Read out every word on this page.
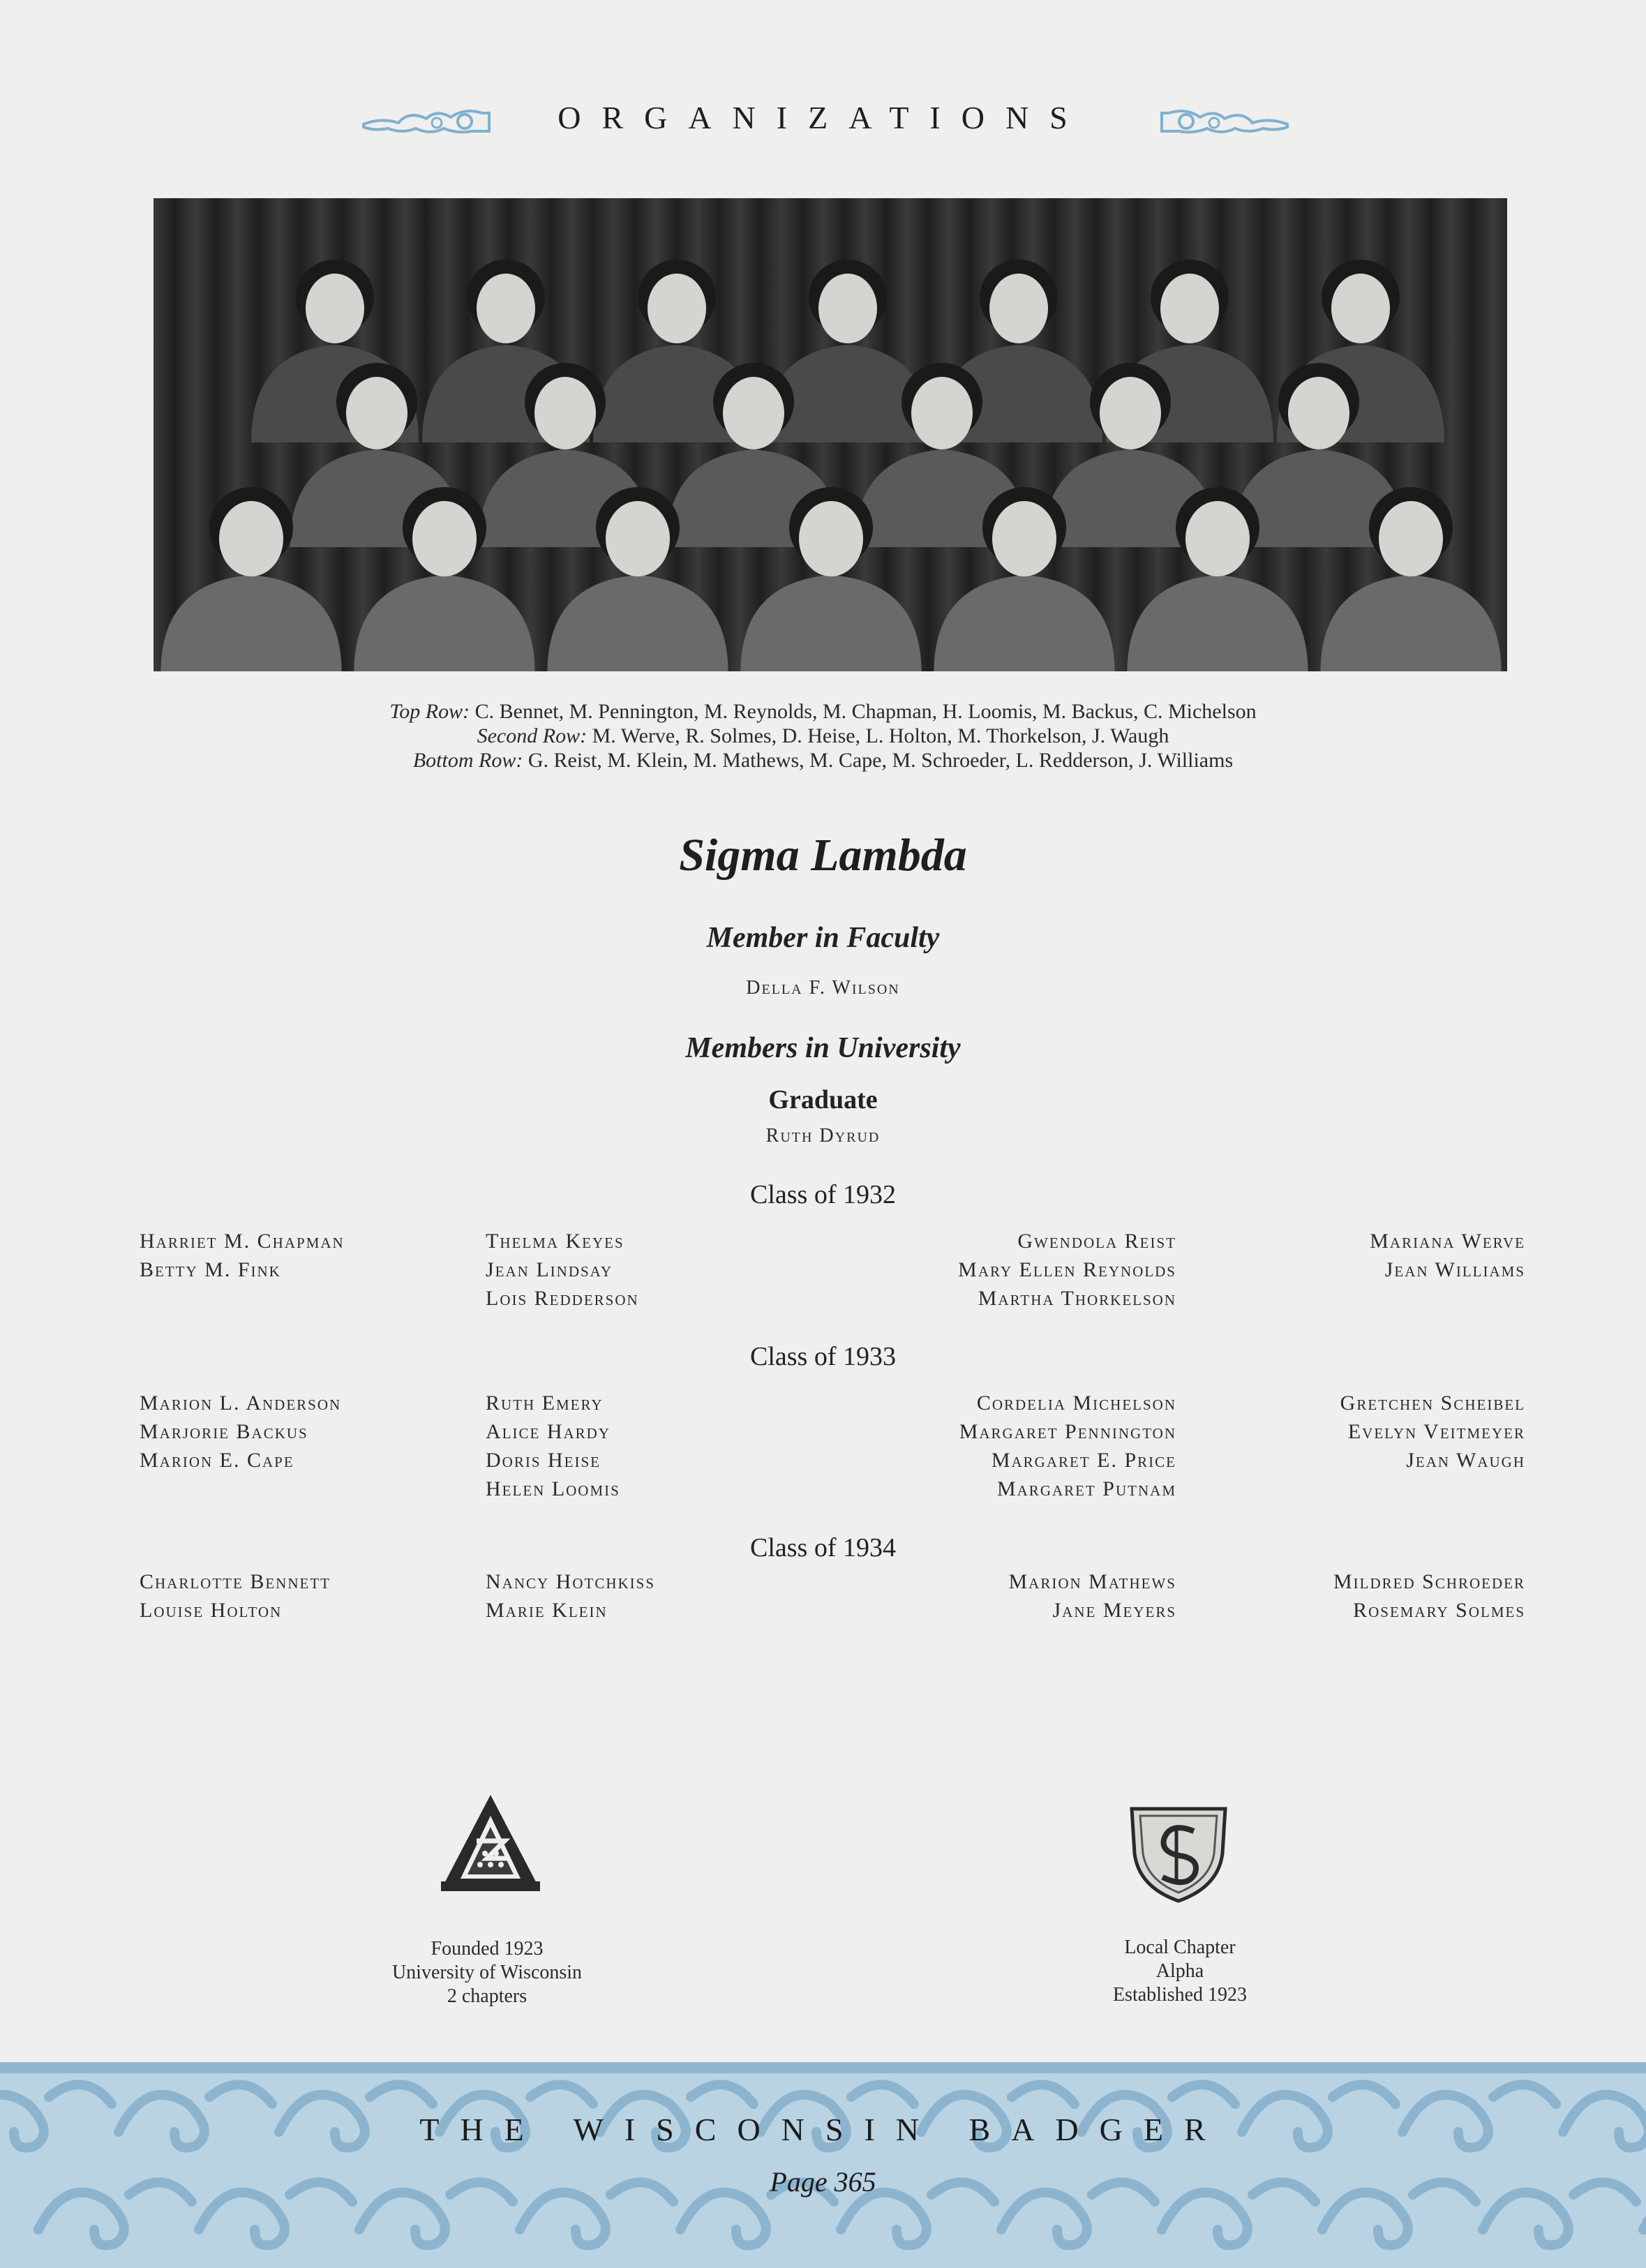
ORGANIZATIONS
Top Row: C. Bennet, M. Pennington, M. Reynolds, M. Chapman, H. Loomis, M. Backus, C. Michelson
Second Row: M. Werve, R. Solmes, D. Heise, L. Holton, M. Thorkelson, J. Waugh
Bottom Row: G. Reist, M. Klein, M. Mathews, M. Cape, M. Schroeder, L. Redderson, J. Williams
Sigma Lambda
Member in Faculty
Della F. Wilson
Members in University
Graduate
Ruth Dyrud
Class of 1932
Harriet M. Chapman
Betty M. Fink
Thelma Keyes
Jean Lindsay
Lois Redderson
Gwendola Reist
Mary Ellen Reynolds
Martha Thorkelson
Mariana Werve
Jean Williams
Class of 1933
Marion L. Anderson
Marjorie Backus
Marion E. Cape
Ruth Emery
Alice Hardy
Doris Heise
Helen Loomis
Cordelia Michelson
Margaret Pennington
Margaret E. Price
Margaret Putnam
Gretchen Scheibel
Evelyn Veitmeyer
Jean Waugh
Class of 1934
Charlotte Bennett
Louise Holton
Nancy Hotchkiss
Marie Klein
Marion Mathews
Jane Meyers
Mildred Schroeder
Rosemary Solmes
Founded 1923
University of Wisconsin
2 chapters
Local Chapter
Alpha
Established 1923
THE WISCONSIN BADGER
Page 365
